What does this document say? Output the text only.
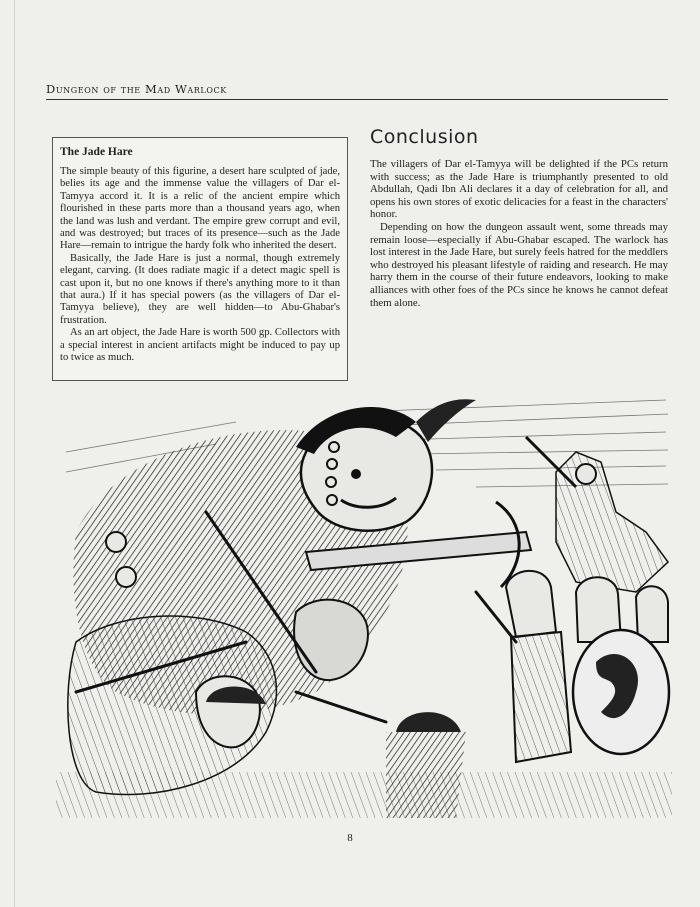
Dungeon of the Mad Warlock
The Jade Hare

The simple beauty of this figurine, a desert hare sculpted of jade, belies its age and the immense value the villagers of Dar el-Tamyya accord it. It is a relic of the ancient empire which flourished in these parts more than a thousand years ago, when the land was lush and verdant. The empire grew corrupt and evil, and was destroyed; but traces of its presence—such as the Jade Hare—remain to intrigue the hardy folk who inherited the desert.

Basically, the Jade Hare is just a normal, though extremely elegant, carving. (It does radiate magic if a detect magic spell is cast upon it, but no one knows if there's anything more to it than that aura.) If it has special powers (as the villagers of Dar el-Tamyya believe), they are well hidden—to Abu-Ghabar's frustration.

As an art object, the Jade Hare is worth 500 gp. Collectors with a special interest in ancient artifacts might be induced to pay up to twice as much.

Conclusion

The villagers of Dar el-Tamyya will be delighted if the PCs return with success; as the Jade Hare is triumphantly presented to old Abdullah, Qadi Ibn Ali declares it a day of celebration for all, and opens his own stores of exotic delicacies for a feast in the characters' honor.

Depending on how the dungeon assault went, some threads may remain loose—especially if Abu-Ghabar escaped. The warlock has lost interest in the Jade Hare, but surely feels hatred for the meddlers who destroyed his pleasant lifestyle of raiding and research. He may harry them in the course of their future endeavors, looking to make alliances with other foes of the PCs since he knows he cannot defeat them alone.

8
